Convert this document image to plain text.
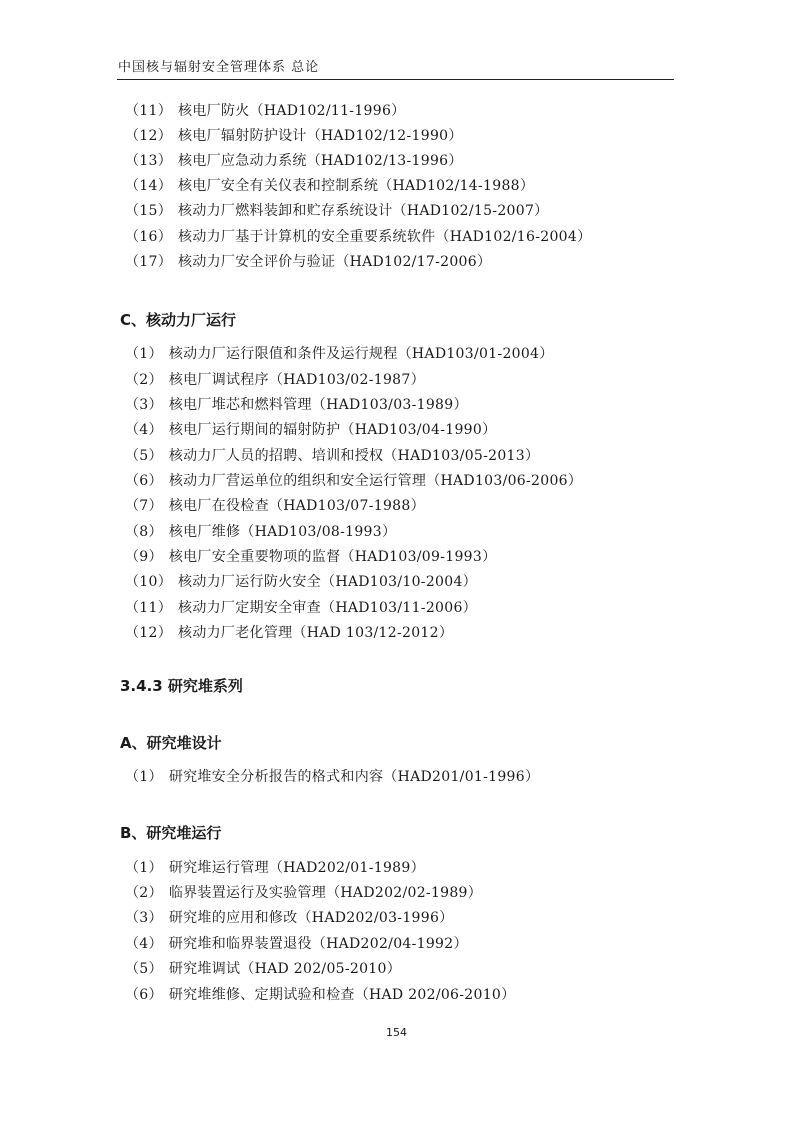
中国核与辐射安全管理体系 总论
（11） 核电厂防火（HAD102/11-1996）
（12） 核电厂辐射防护设计（HAD102/12-1990）
（13） 核电厂应急动力系统（HAD102/13-1996）
（14） 核电厂安全有关仪表和控制系统（HAD102/14-1988）
（15） 核动力厂燃料装卸和贮存系统设计（HAD102/15-2007）
（16） 核动力厂基于计算机的安全重要系统软件（HAD102/16-2004）
（17） 核动力厂安全评价与验证（HAD102/17-2006）
C、核动力厂运行
（1） 核动力厂运行限值和条件及运行规程（HAD103/01-2004）
（2） 核电厂调试程序（HAD103/02-1987）
（3） 核电厂堆芯和燃料管理（HAD103/03-1989）
（4） 核电厂运行期间的辐射防护（HAD103/04-1990）
（5） 核动力厂人员的招聘、培训和授权（HAD103/05-2013）
（6） 核动力厂营运单位的组织和安全运行管理（HAD103/06-2006）
（7） 核电厂在役检查（HAD103/07-1988）
（8） 核电厂维修（HAD103/08-1993）
（9） 核电厂安全重要物项的监督（HAD103/09-1993）
（10） 核动力厂运行防火安全（HAD103/10-2004）
（11） 核动力厂定期安全审查（HAD103/11-2006）
（12） 核动力厂老化管理（HAD 103/12-2012）
3.4.3 研究堆系列
A、研究堆设计
（1） 研究堆安全分析报告的格式和内容（HAD201/01-1996）
B、研究堆运行
（1） 研究堆运行管理（HAD202/01-1989）
（2） 临界装置运行及实验管理（HAD202/02-1989）
（3） 研究堆的应用和修改（HAD202/03-1996）
（4） 研究堆和临界装置退役（HAD202/04-1992）
（5） 研究堆调试（HAD 202/05-2010）
（6） 研究堆维修、定期试验和检查（HAD 202/06-2010）
154
